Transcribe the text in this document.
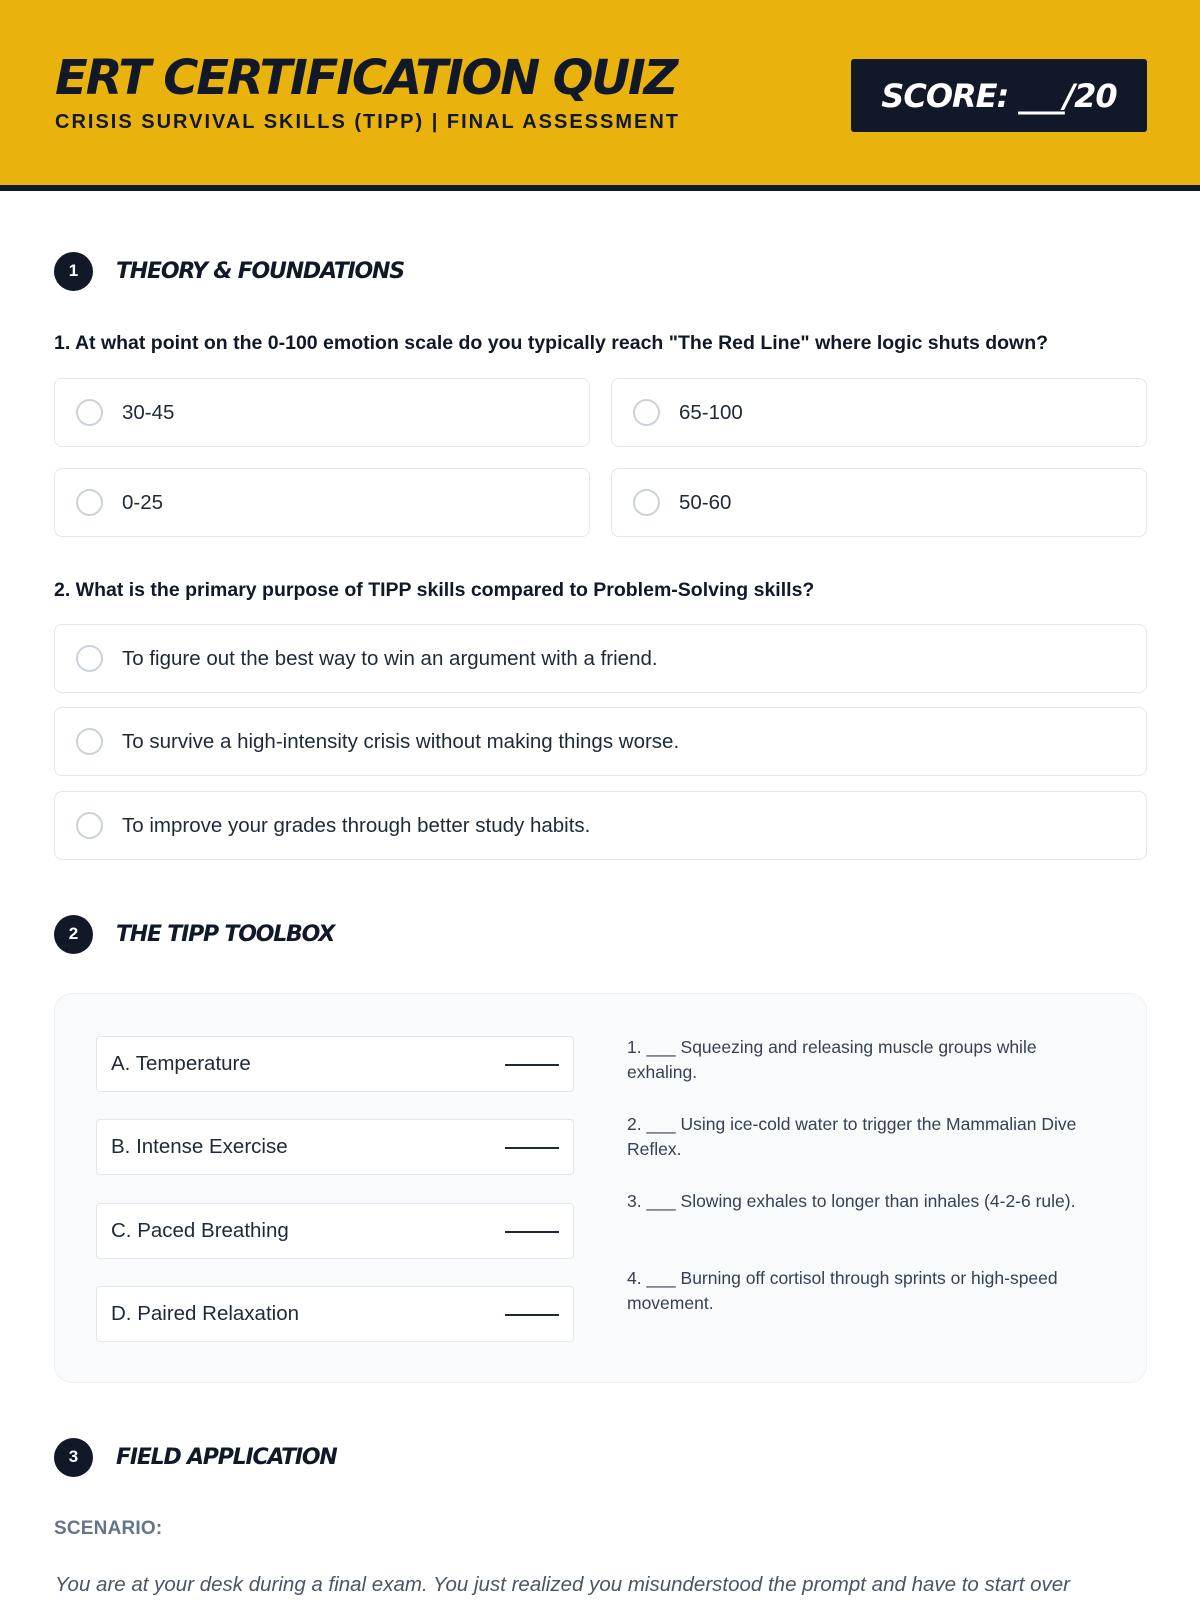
ERT CERTIFICATION QUIZ
CRISIS SURVIVAL SKILLS (TIPP) | FINAL ASSESSMENT
SCORE: ___/20
1	THEORY & FOUNDATIONS
1. At what point on the 0-100 emotion scale do you typically reach "The Red Line" where logic shuts down?
30-45	65-100
0-25	50-60
2. What is the primary purpose of TIPP skills compared to Problem-Solving skills?
To figure out the best way to win an argument with a friend.
To survive a high-intensity crisis without making things worse.
To improve your grades through better study habits.
2	THE TIPP TOOLBOX
A. Temperature
B. Intense Exercise
C. Paced Breathing
D. Paired Relaxation
1. ___ Squeezing and releasing muscle groups while exhaling.
2. ___ Using ice-cold water to trigger the Mammalian Dive Reflex.
3. ___ Slowing exhales to longer than inhales (4-2-6 rule).
4. ___ Burning off cortisol through sprints or high-speed movement.
3	FIELD APPLICATION
SCENARIO:
You are at your desk during a final exam. You just realized you misunderstood the prompt and have to start over
